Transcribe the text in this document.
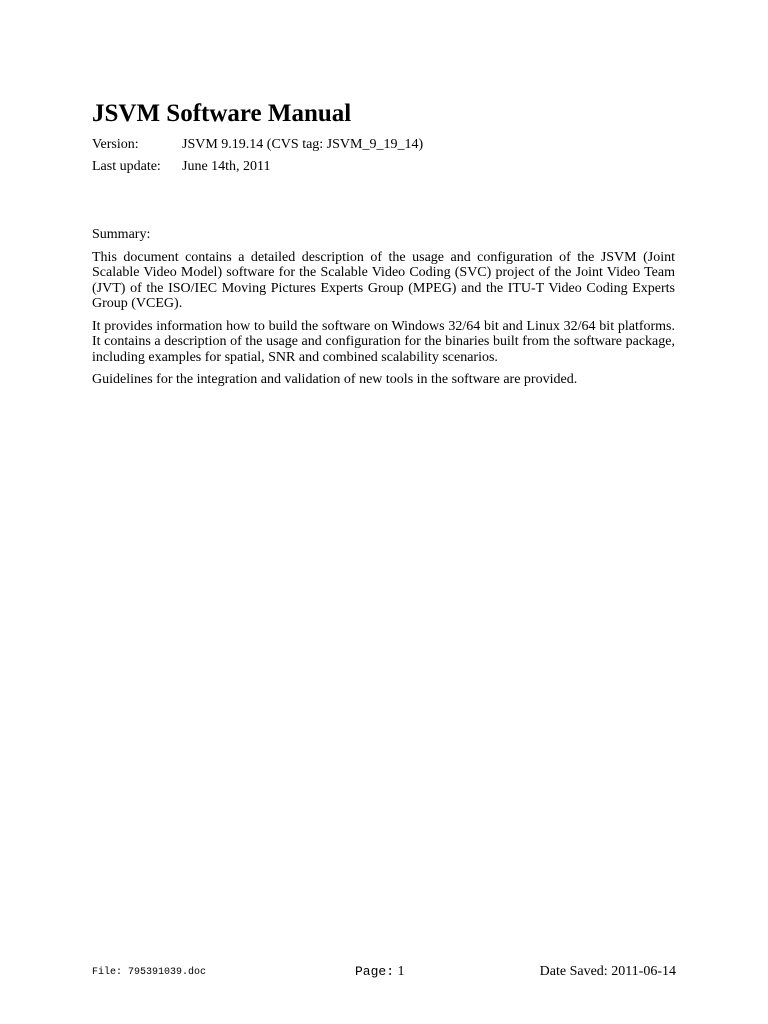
JSVM Software Manual
Version:	JSVM 9.19.14 (CVS tag: JSVM_9_19_14)
Last update: June 14th, 2011
Summary:

This document contains a detailed description of the usage and configuration of the JSVM (Joint Scalable Video Model) software for the Scalable Video Coding (SVC) project of the Joint Video Team (JVT) of the ISO/IEC Moving Pictures Experts Group (MPEG) and the ITU-T Video Coding Experts Group (VCEG).

It provides information how to build the software on Windows 32/64 bit and Linux 32/64 bit platforms. It contains a description of the usage and configuration for the binaries built from the software package, including examples for spatial, SNR and combined scalability scenarios.

Guidelines for the integration and validation of new tools in the software are provided.

File: 795391039.doc	Page: 1	Date Saved: 2011-06-14
